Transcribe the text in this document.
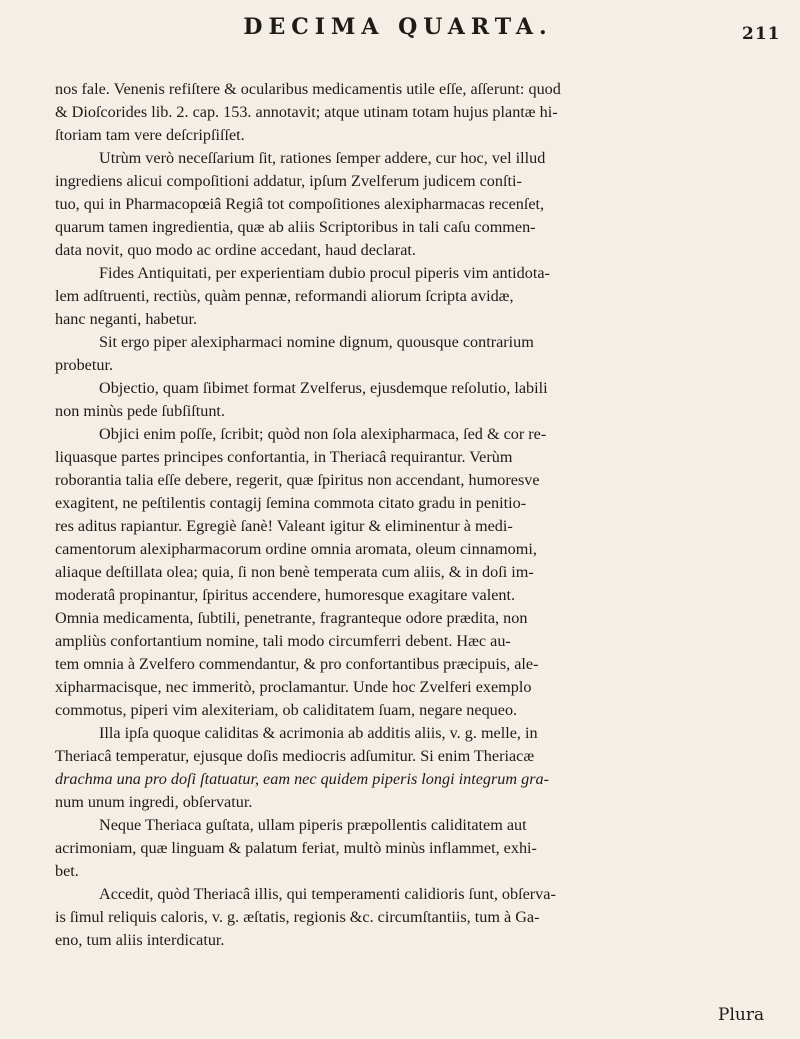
DECIMA QUARTA.	211
nos fale. Venenis refiſtere & ocularibus medicamentis utile eſſe, aſſerunt: quod
& Dioſcorides lib. 2. cap. 153. annotavit; atque utinam totam hujus plantæ hi-
ſtoriam tam vere deſcripſiſſet.
Utrùm verò neceſſarium ſit, rationes ſemper addere, cur hoc, vel illud
ingrediens alicui compoſitioni addatur, ipſum Zvelferum judicem conſti-
tuo, qui in Pharmacopœiâ Regiâ tot compoſitiones alexipharmacas recenſet,
quarum tamen ingredientia, quæ ab aliis Scriptoribus in tali caſu commen-
data novit, quo modo ac ordine accedant, haud declarat.
Fides Antiquitati, per experientiam dubio procul piperis vim antidota-
lem adſtruenti, rectiùs, quàm pennæ, reformandi aliorum ſcripta avidæ,
hanc neganti, habetur.
Sit ergo piper alexipharmaci nomine dignum, quousque contrarium
probetur.
Objectio, quam ſibimet format Zvelferus, ejusdemque reſolutio, labili
non minùs pede ſubſiſtunt.
Objici enim poſſe, ſcribit; quòd non ſola alexipharmaca, ſed & cor re-
liquasque partes principes confortantia, in Theriacâ requirantur. Verùm
roborantia talia eſſe debere, regerit, quæ ſpiritus non accendant, humoresve
exagitent, ne peſtilentis contagij ſemina commota citato gradu in penitio-
res aditus rapiantur. Egregiè ſanè! Valeant igitur & eliminentur à medi-
camentorum alexipharmacorum ordine omnia aromata, oleum cinnamomi,
aliaque deſtillata olea; quia, ſi non benè temperata cum aliis, & in doſi im-
moderatâ propinantur, ſpiritus accendere, humoresque exagitare valent.
Omnia medicamenta, ſubtili, penetrante, fragranteque odore prædita, non
ampliùs confortantium nomine, tali modo circumferri debent. Hæc au-
tem omnia à Zvelfero commendantur, & pro confortantibus præcipuis, ale-
xipharmacisque, nec immeritò, proclamantur. Unde hoc Zvelferi exemplo
commotus, piperi vim alexiteriam, ob caliditatem ſuam, negare nequeo.
Illa ipſa quoque caliditas & acrimonia ab additis aliis, v. g. melle, in
Theriacâ temperatur, ejusque doſis mediocris adſumitur. Si enim Theriacæ
drachma una pro doſi ſtatuatur, eam nec quidem piperis longi integrum gra-
num unum ingredi, obſervatur.
Neque Theriaca guſtata, ullam piperis præpollentis caliditatem aut
acrimoniam, quæ linguam & palatum feriat, multò minùs inflammet, exhi-
bet.
Accedit, quòd Theriacâ illis, qui temperamenti calidioris ſunt, obſerva-
is ſimul reliquis caloris, v. g. æſtatis, regionis &c. circumſtantiis, tum à Ga-
eno, tum aliis interdicatur.
Plura
